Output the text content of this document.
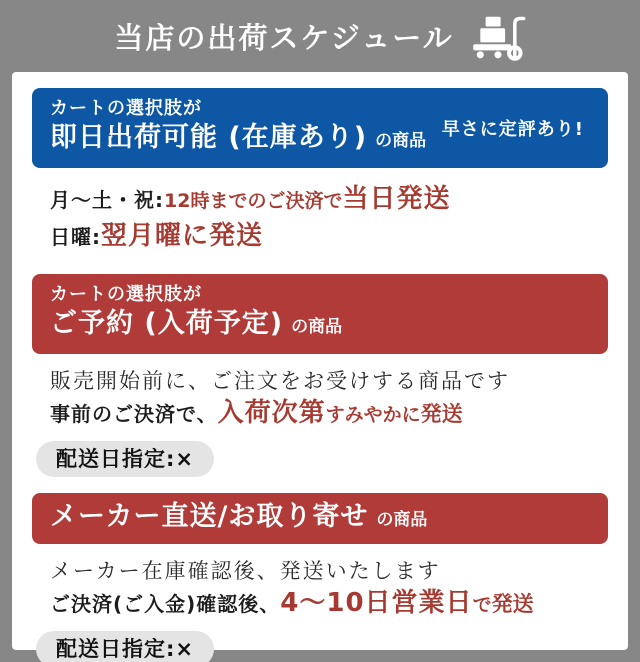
当店の出荷スケジュール
カートの選択肢が
即日出荷可能 (在庫あり) の商品
早さに定評あり!
月〜土・祝:12時までのご決済で当日発送
日曜:翌月曜に発送
カートの選択肢が
ご予約 (入荷予定) の商品
販売開始前に、ご注文をお受けする商品です
事前のご決済で、入荷次第すみやかに発送
配送日指定:×
メーカー直送/お取り寄せ の商品
メーカー在庫確認後、発送いたします
ご決済(ご入金)確認後、4〜10日営業日で発送
配送日指定:×
